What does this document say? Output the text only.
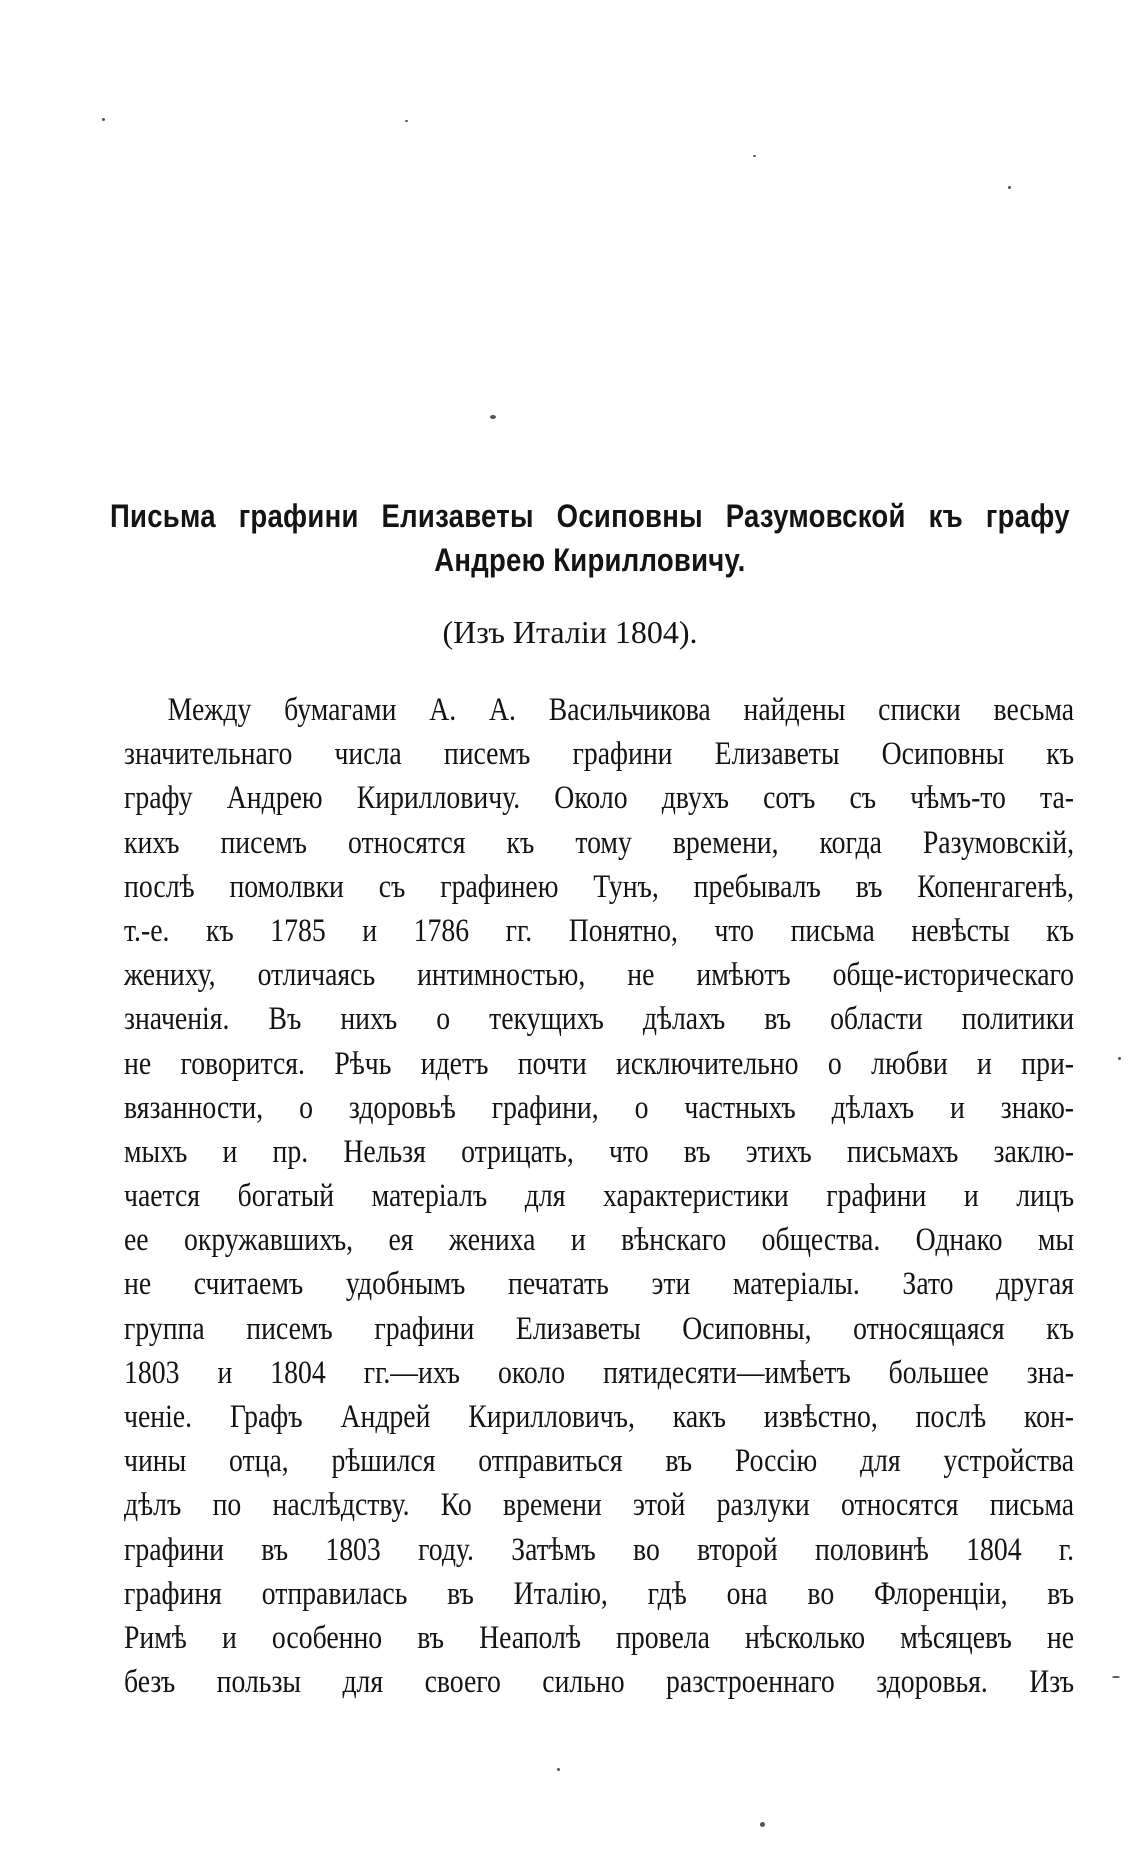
Письма графини Елизаветы Осиповны Разумовской къ графу
Андрею Кирилловичу.

(Изъ Италіи 1804).

Между бумагами А. А. Васильчикова найдены списки весьма
значительнаго числа писемъ графини Елизаветы Осиповны къ
графу Андрею Кирилловичу. Около двухъ сотъ съ чѣмъ-то та-
кихъ писемъ относятся къ тому времени, когда Разумовскій,
послѣ помолвки съ графинею Тунъ, пребывалъ въ Копенгагенѣ,
т.-е. къ 1785 и 1786 гг. Понятно, что письма невѣсты къ
жениху, отличаясь интимностью, не имѣютъ обще-историческаго
значенія. Въ нихъ о текущихъ дѣлахъ въ области политики
не говорится. Рѣчь идетъ почти исключительно о любви и при-
вязанности, о здоровьѣ графини, о частныхъ дѣлахъ и знако-
мыхъ и пр. Нельзя отрицать, что въ этихъ письмахъ заклю-
чается богатый матеріалъ для характеристики графини и лицъ
ее окружавшихъ, ея жениха и вѣнскаго общества. Однако мы
не считаемъ удобнымъ печатать эти матеріалы. Зато другая
группа писемъ графини Елизаветы Осиповны, относящаяся къ
1803 и 1804 гг.—ихъ около пятидесяти—имѣетъ большее зна-
ченіе. Графъ Андрей Кирилловичъ, какъ извѣстно, послѣ кон-
чины отца, рѣшился отправиться въ Россію для устройства
дѣлъ по наслѣдству. Ко времени этой разлуки относятся письма
графини въ 1803 году. Затѣмъ во второй половинѣ 1804 г.
графиня отправилась въ Италію, гдѣ она во Флоренціи, въ
Римѣ и особенно въ Неаполѣ провела нѣсколько мѣсяцевъ не
безъ пользы для своего сильно разстроеннаго здоровья. Изъ
